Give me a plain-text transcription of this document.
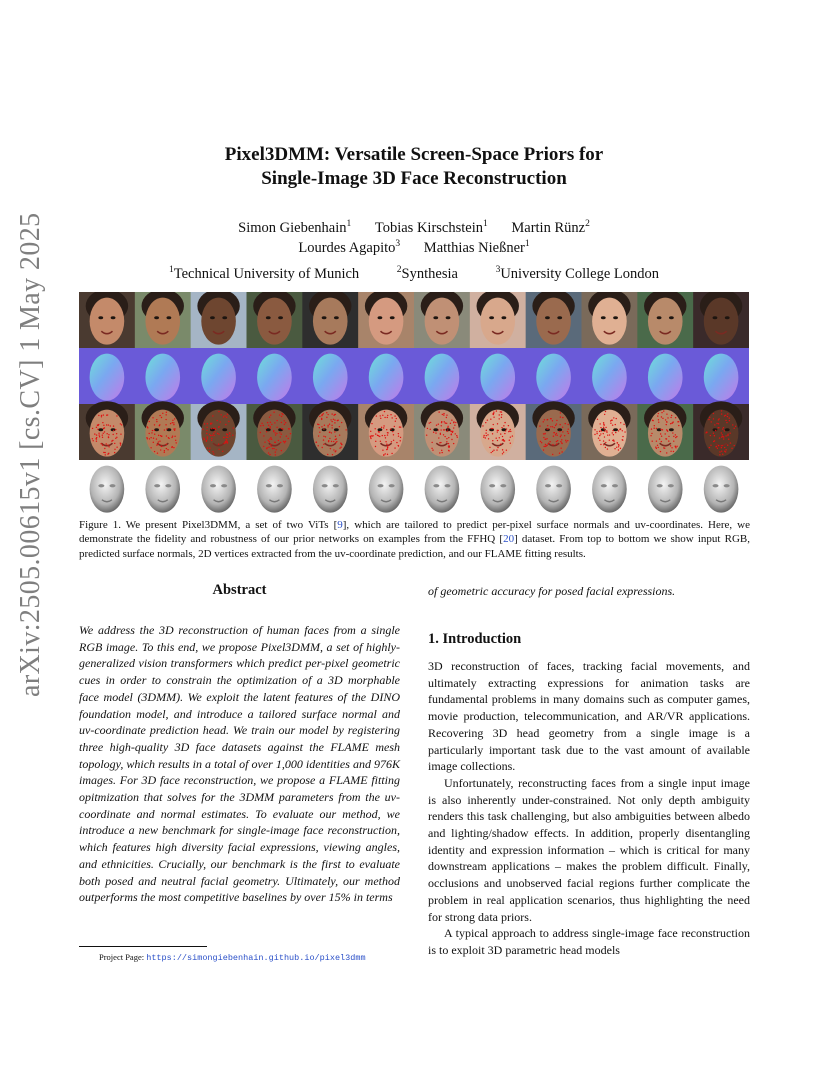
Pixel3DMM: Versatile Screen-Space Priors for
Single-Image 3D Face Reconstruction
Simon Giebenhain$^1$ Tobias Kirschstein$^1$ Martin Rünz$^2$
Lourdes Agapito$^3$ Matthias Nießner$^1$
$^1$Technical University of Munich	$^2$Synthesia	$^3$University College London
arXiv:2505.00615v1 [cs.CV] 1 May 2025	Figure 1. We present Pixel3DMM, a set of two ViTs [9], which are tailored to predict per-pixel surface normals and uv-coordinates. Here, we demonstrate the fidelity and robustness of our prior networks on examples from the FFHQ [20] dataset. From top to bottom we show input RGB, predicted surface normals, 2D vertices extracted from the uv-coordinate prediction, and our FLAME fitting results.
Abstract
We address the 3D reconstruction of human faces from a single RGB image. To this end, we propose Pixel3DMM, a set of highly-generalized vision transformers which predict per-pixel geometric cues in order to constrain the optimization of a 3D morphable face model (3DMM). We exploit the latent features of the DINO foundation model, and introduce a tailored surface normal and uv-coordinate prediction head. We train our model by registering three high-quality 3D face datasets against the FLAME mesh topology, which results in a total of over 1,000 identities and 976K images. For 3D face reconstruction, we propose a FLAME fitting opitmization that solves for the 3DMM parameters from the uv-coordinate and normal estimates. To evaluate our method, we introduce a new benchmark for single-image face reconstruction, which features high diversity facial expressions, viewing angles, and ethnicities. Crucially, our benchmark is the first to evaluate both posed and neutral facial geometry. Ultimately, our method outperforms the most competitive baselines by over 15% in terms
of geometric accuracy for posed facial expressions.
1. Introduction

3D reconstruction of faces, tracking facial movements, and ultimately extracting expressions for animation tasks are fundamental problems in many domains such as computer games, movie production, telecommunication, and AR/VR applications. Recovering 3D head geometry from a single image is a particularly important task due to the vast amount of available image collections.

Unfortunately, reconstructing faces from a single input image is also inherently under-constrained. Not only depth ambiguity renders this task challenging, but also ambiguities between albedo and lighting/shadow effects. In addition, properly disentangling identity and expression information – which is critical for many downstream applications – makes the problem difficult. Finally, occlusions and unobserved facial regions further complicate the problem in real application scenarios, thus highlighting the need for strong data priors.

A typical approach to address single-image face reconstruction is to exploit 3D parametric head models

Project Page: https://simongiebenhain.github.io/pixel3dmm
